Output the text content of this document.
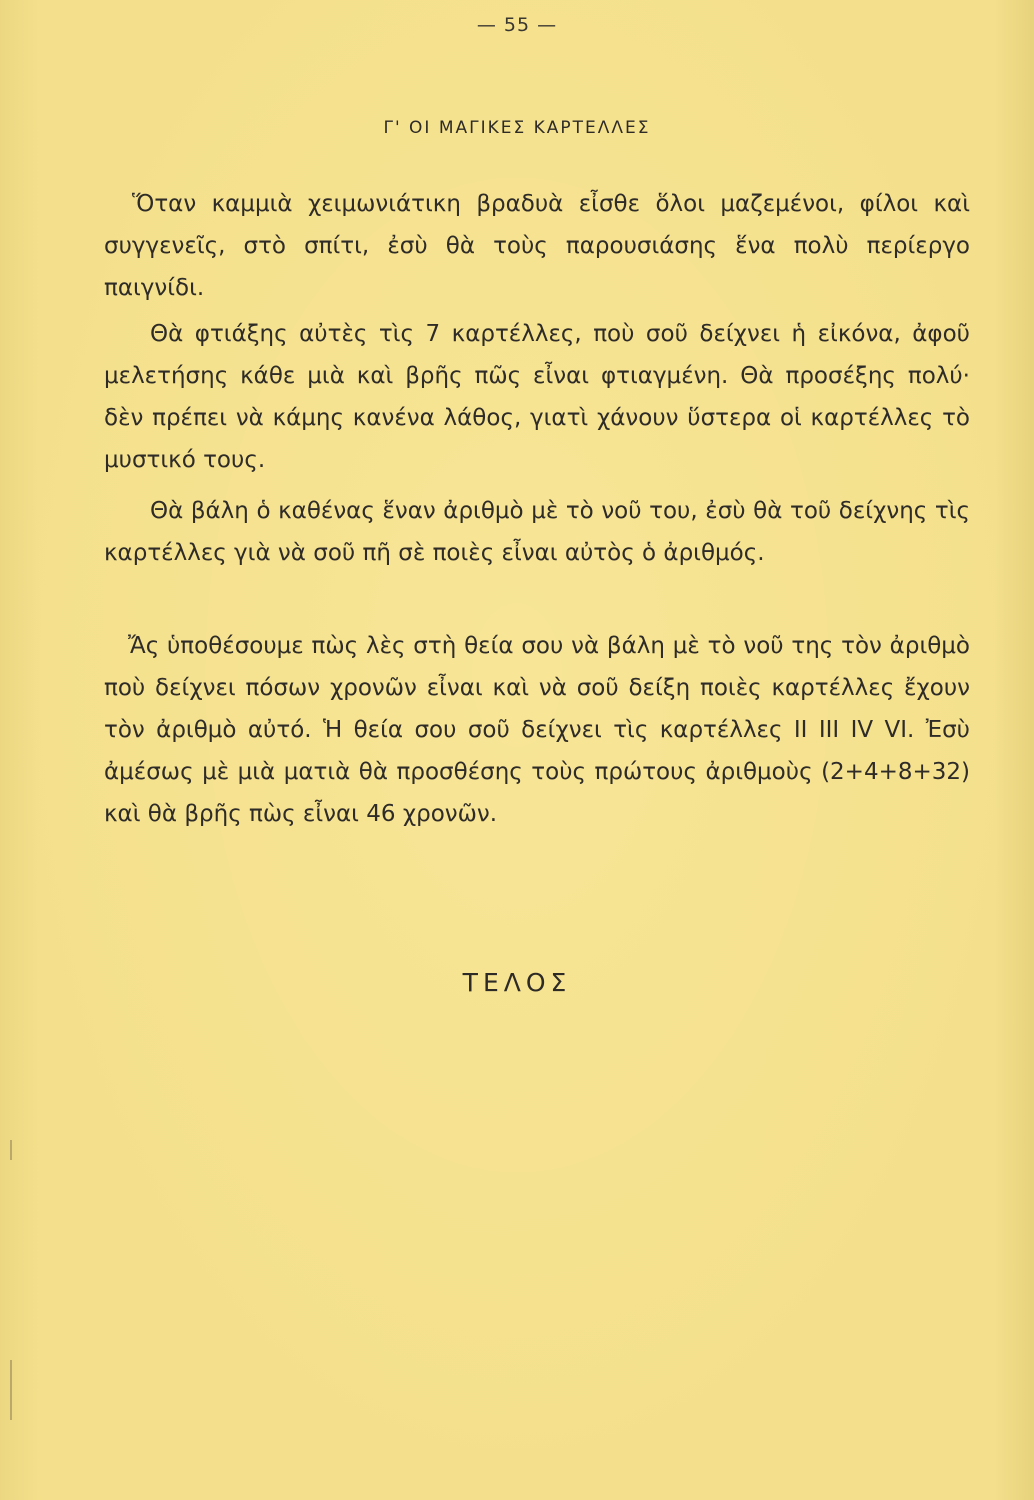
— 55 —
Γ' ΟΙ ΜΑΓΙΚΕΣ ΚΑΡΤΕΛΛΕΣ

Ὅταν καμμιὰ χειμωνιάτικη βραδυὰ εἶσθε ὅλοι μαζεμένοι, φίλοι καὶ συγγενεῖς, στὸ σπίτι, ἐσὺ θὰ τοὺς παρουσιάσης ἕνα πολὺ περίεργο παιγνίδι.

Θὰ φτιάξης αὐτὲς τὶς 7 καρτέλλες, ποὺ σοῦ δείχνει ἡ εἰκόνα, ἀφοῦ μελετήσης κάθε μιὰ καὶ βρῆς πῶς εἶναι φτιαγμένη. Θὰ προσέξης πολύ· δὲν πρέπει νὰ κάμης κανένα λάθος, γιατὶ χάνουν ὕστερα οἱ καρτέλλες τὸ μυστικό τους.

Θὰ βάλη ὁ καθένας ἕναν ἀριθμὸ μὲ τὸ νοῦ του, ἐσὺ θὰ τοῦ δείχνης τὶς καρτέλλες γιὰ νὰ σοῦ πῆ σὲ ποιὲς εἶναι αὐτὸς ὁ ἀριθμός.

Ἄς ὑποθέσουμε πὼς λὲς στὴ θεία σου νὰ βάλη μὲ τὸ νοῦ της τὸν ἀριθμὸ ποὺ δείχνει πόσων χρονῶν εἶναι καὶ νὰ σοῦ δείξη ποιὲς καρτέλλες ἔχουν τὸν ἀριθμὸ αὐτό. Ἡ θεία σου σοῦ δείχνει τὶς καρτέλλες II III IV VI. Ἐσὺ ἀμέσως μὲ μιὰ ματιὰ θὰ προσθέσης τοὺς πρώτους ἀριθμοὺς (2+4+8+32) καὶ θὰ βρῆς πὼς εἶναι 46 χρονῶν.

ΤΕΛΟΣ
